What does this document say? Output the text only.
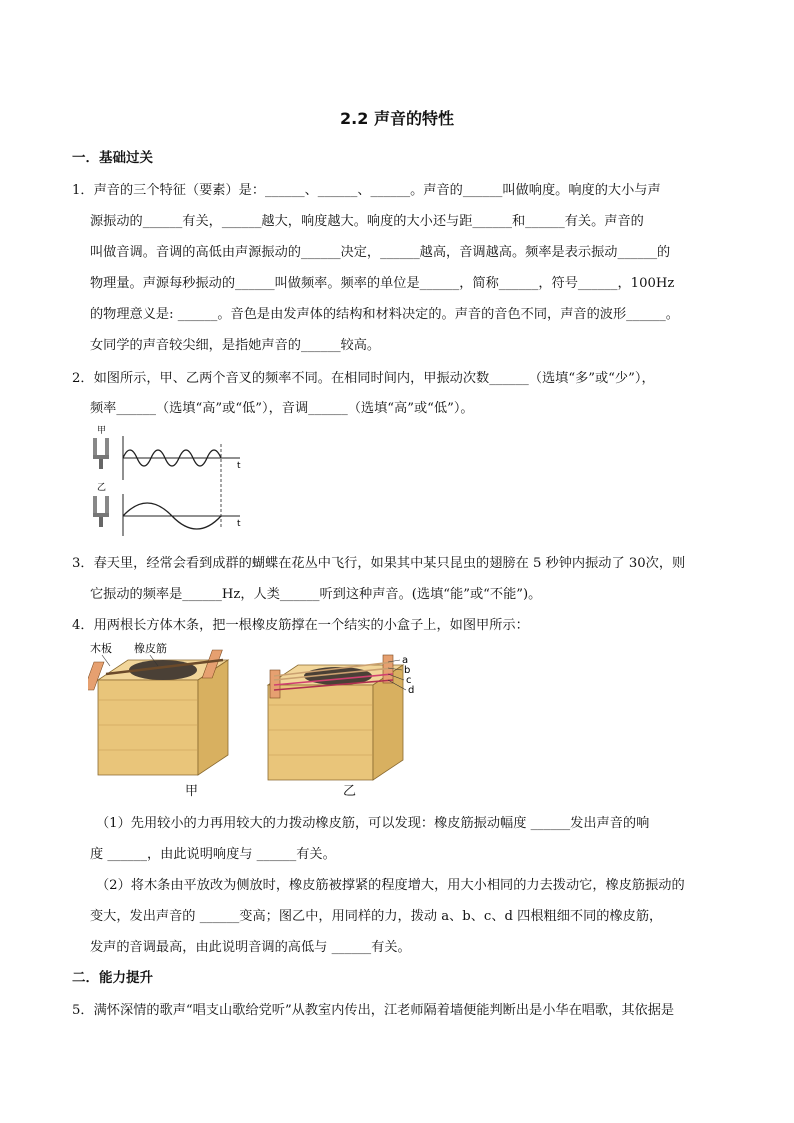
2.2 声音的特性
一．基础过关
1．声音的三个特征（要素）是：______、______、______。声音的______叫做响度。响度的大小与声
源振动的______有关，______越大，响度越大。响度的大小还与距______和______有关。声音的
叫做音调。音调的高低由声源振动的______决定，______越高，音调越高。频率是表示振动______的
物理量。声源每秒振动的______叫做频率。频率的单位是______，简称______，符号______，100Hz
的物理意义是: ______。音色是由发声体的结构和材料决定的。声音的音色不同，声音的波形______。
女同学的声音较尖细，是指她声音的______较高。
2．如图所示，甲、乙两个音叉的频率不同。在相同时间内，甲振动次数______（选填“多”或“少”），
频率______（选填“高”或“低”），音调______（选填“高”或“低”）。
甲
t
乙
t
3．春天里，经常会看到成群的蝴蝶在花丛中飞行，如果其中某只昆虫的翅膀在 5 秒钟内振动了 30次，则
它振动的频率是______Hz，人类______听到这种声音。(选填“能”或“不能”)。
4．用两根长方体木条，把一根橡皮筋撑在一个结实的小盒子上，如图甲所示：
木板 橡皮筋
a
b
c
d
甲	乙
（1）先用较小的力再用较大的力拨动橡皮筋，可以发现：橡皮筋振动幅度 ______发出声音的响
度 ______，由此说明响度与 ______有关。
（2）将木条由平放改为侧放时，橡皮筋被撑紧的程度增大，用大小相同的力去拨动它，橡皮筋振动的
变大，发出声音的 ______变高；图乙中，用同样的力，拨动 a、b、c、d 四根粗细不同的橡皮筋，
发声的音调最高，由此说明音调的高低与 ______有关。
二．能力提升
5．满怀深情的歌声“唱支山歌给党听”从教室内传出，江老师隔着墙便能判断出是小华在唱歌，其依据是
